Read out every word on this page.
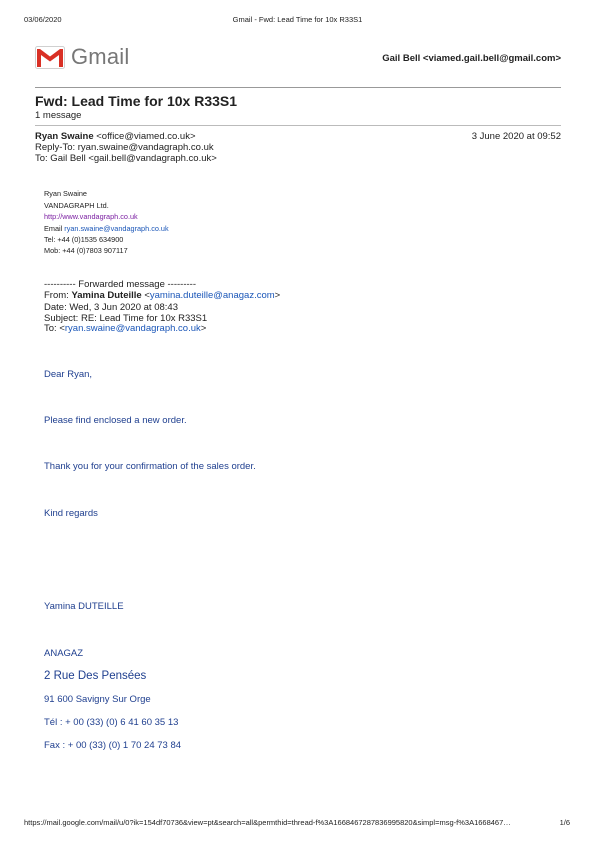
03/06/2020	Gmail - Fwd: Lead Time for 10x R33S1
Gmail	Gail Bell <viamed.gail.bell@gmail.com>
Fwd: Lead Time for 10x R33S1
1 message
Ryan Swaine <office@viamed.co.uk>	3 June 2020 at 09:52
Reply-To: ryan.swaine@vandagraph.co.uk
To: Gail Bell <gail.bell@vandagraph.co.uk>
Ryan Swaine
VANDAGRAPH Ltd.
http://www.vandagraph.co.uk
Email ryan.swaine@vandagraph.co.uk
Tel: +44 (0)1535 634900
Mob: +44 (0)7803 907117
---------- Forwarded message ---------
From: Yamina Duteille <yamina.duteille@anagaz.com>
Date: Wed, 3 Jun 2020 at 08:43
Subject: RE: Lead Time for 10x R33S1
To: <ryan.swaine@vandagraph.co.uk>
Dear Ryan,
Please find enclosed a new order.
Thank you for your confirmation of the sales order.
Kind regards
Yamina DUTEILLE
ANAGAZ
2 Rue Des Pensées
91 600 Savigny Sur Orge
Tél : + 00 (33) (0) 6 41 60 35 13
Fax : + 00 (33) (0) 1 70 24 73 84
https://mail.google.com/mail/u/0?ik=154df70736&view=pt&search=all&permthid=thread-f%3A1668467287836995820&simpl=msg-f%3A1668467…	1/6
